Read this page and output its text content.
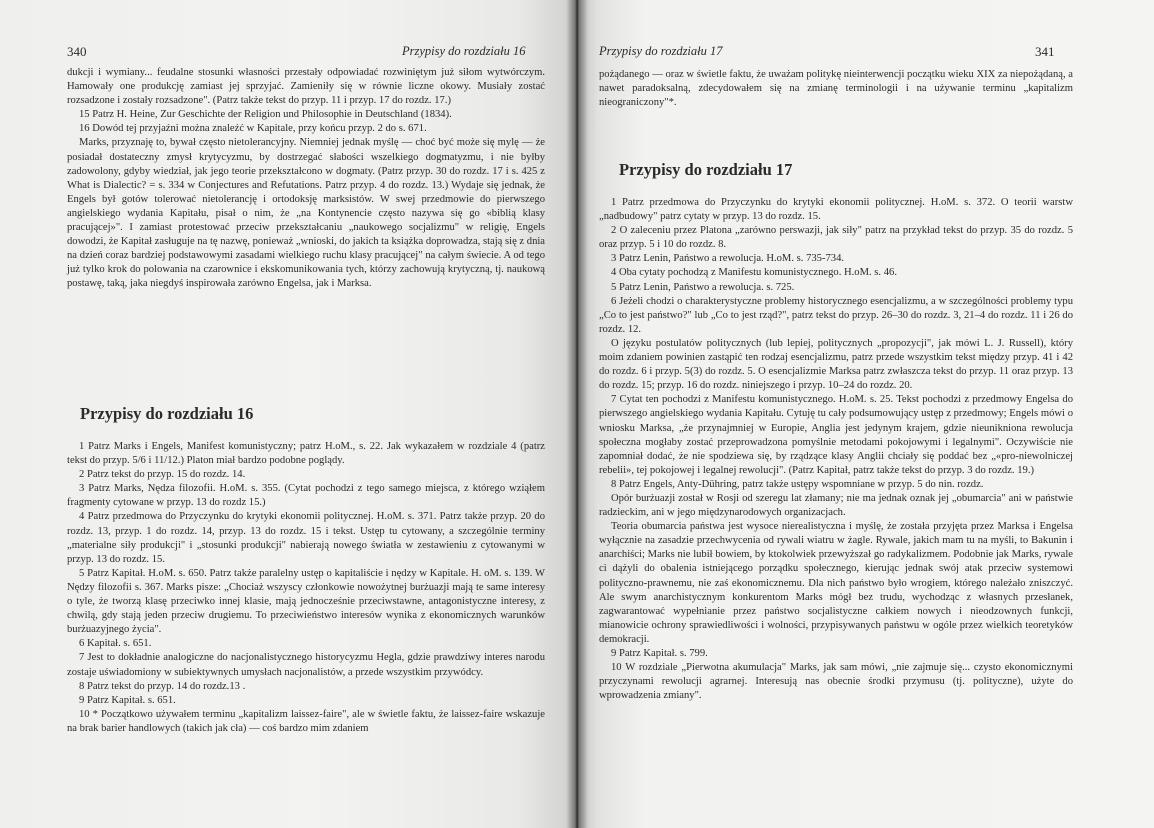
340	Przypisy do rozdziału 16

dukcji i wymiany... feudalne stosunki własności przestały odpowiadać rozwiniętym już siłom wytwórczym. Hamowały one produkcję zamiast jej sprzyjać. Zamieniły się w równie liczne okowy. Musiały zostać rozsadzone i zostały rozsadzone". (Patrz także tekst do przyp. 11 i przyp. 17 do rozdz. 17.)

15 Patrz H. Heine, Zur Geschichte der Religion und Philosophie in Deutschland (1834).

16 Dowód tej przyjaźni można znaleźć w Kapitale, przy końcu przyp. 2 do s. 671.

Marks, przyznaję to, bywał często nietolerancyjny. Niemniej jednak myślę — choć być może się mylę — że posiadał dostateczny zmysł krytycyzmu, by dostrzegać słabości wszelkiego dogmatyzmu, i nie byłby zadowolony, gdyby wiedział, jak jego teorie przekształcono w dogmaty. (Patrz przyp. 30 do rozdz. 17 i s. 425 z What is Dialectic? = s. 334 w Conjectures and Refutations. Patrz przyp. 4 do rozdz. 13.) Wydaje się jednak, że Engels był gotów tolerować nietolerancję i ortodoksję marksistów. W swej przedmowie do pierwszego angielskiego wydania Kapitału, pisał o nim, że „na Kontynencie często nazywa się go «biblią klasy pracującej»". I zamiast protestować przeciw przekształcaniu „naukowego socjalizmu" w religię, Engels dowodzi, że Kapitał zasługuje na tę nazwę, ponieważ „wnioski, do jakich ta książka doprowadza, stają się z dnia na dzień coraz bardziej podstawowymi zasadami wielkiego ruchu klasy pracującej" na całym świecie. A od tego już tylko krok do polowania na czarownice i ekskomunikowania tych, którzy zachowują krytyczną, tj. naukową postawę, taką, jaka niegdyś inspirowała zarówno Engelsa, jak i Marksa.

Przypisy do rozdziału 16

1 Patrz Marks i Engels, Manifest komunistyczny; patrz H.oM., s. 22. Jak wykazałem w rozdziale 4 (patrz tekst do przyp. 5/6 i 11/12.) Platon miał bardzo podobne poglądy.

2 Patrz tekst do przyp. 15 do rozdz. 14.

3 Patrz Marks, Nędza filozofii. H.oM. s. 355. (Cytat pochodzi z tego samego miejsca, z którego wziąłem fragmenty cytowane w przyp. 13 do rozdz 15.)

4 Patrz przedmowa do Przyczynku do krytyki ekonomii politycznej. H.oM. s. 371. Patrz także przyp. 20 do rozdz. 13, przyp. 1 do rozdz. 14, przyp. 13 do rozdz. 15 i tekst. Ustęp tu cytowany, a szczególnie terminy „materialne siły produkcji" i „stosunki produkcji" nabierają nowego światła w zestawieniu z cytowanymi w przyp. 13 do rozdz. 15.

5 Patrz Kapitał. H.oM. s. 650. Patrz także paralelny ustęp o kapitaliście i nędzy w Kapitale. H. oM. s. 139. W Nędzy filozofii s. 367. Marks pisze: „Chociaż wszyscy członkowie nowożytnej burżuazji mają te same interesy o tyle, że tworzą klasę przeciwko innej klasie, mają jednocześnie przeciwstawne, antagonistyczne interesy, z chwilą, gdy stają jeden przeciw drugiemu. To przeciwieństwo interesów wynika z ekonomicznych warunków burżuazyjnego życia".

6 Kapitał. s. 651.

7 Jest to dokładnie analogiczne do nacjonalistycznego historycyzmu Hegla, gdzie prawdziwy interes narodu zostaje uświadomiony w subiektywnych umysłach nacjonalistów, a przede wszystkim przywódcy.

8 Patrz tekst do przyp. 14 do rozdz.13 .

9 Patrz Kapitał. s. 651.

10 * Początkowo używałem terminu „kapitalizm laissez-faire", ale w świetle faktu, że laissez-faire wskazuje na brak barier handlowych (takich jak cła) — coś bardzo mim zdaniem

Przypisy do rozdziału 17	341

pożądanego — oraz w świetle faktu, że uważam politykę nieinterwencji początku wieku XIX za niepożądaną, a nawet paradoksalną, zdecydowałem się na zmianę terminologii i na używanie terminu „kapitalizm nieograniczony"*.

Przypisy do rozdziału 17

1 Patrz przedmowa do Przyczynku do krytyki ekonomii politycznej. H.oM. s. 372. O teorii warstw „nadbudowy" patrz cytaty w przyp. 13 do rozdz. 15.

2 O zaleceniu przez Platona „zarówno perswazji, jak siły" patrz na przykład tekst do przyp. 35 do rozdz. 5 oraz przyp. 5 i 10 do rozdz. 8.

3 Patrz Lenin, Państwo a rewolucja. H.oM. s. 735-734.

4 Oba cytaty pochodzą z Manifestu komunistycznego. H.oM. s. 46.

5 Patrz Lenin, Państwo a rewolucja. s. 725.

6 Jeżeli chodzi o charakterystyczne problemy historycznego esencjalizmu, a w szczególności problemy typu „Co to jest państwo?" lub „Co to jest rząd?", patrz tekst do przyp. 26–30 do rozdz. 3, 21–4 do rozdz. 11 i 26 do rozdz. 12.

O języku postulatów politycznych (lub lepiej, politycznych „propozycji", jak mówi L. J. Russell), który moim zdaniem powinien zastąpić ten rodzaj esencjalizmu, patrz przede wszystkim tekst między przyp. 41 i 42 do rozdz. 6 i przyp. 5(3) do rozdz. 5. O esencjalizmie Marksa patrz zwłaszcza tekst do przyp. 11 oraz przyp. 13 do rozdz. 15; przyp. 16 do rozdz. niniejszego i przyp. 10–24 do rozdz. 20.

7 Cytat ten pochodzi z Manifestu komunistycznego. H.oM. s. 25. Tekst pochodzi z przedmowy Engelsa do pierwszego angielskiego wydania Kapitału. Cytuję tu cały podsumowujący ustęp z przedmowy; Engels mówi o wniosku Marksa, „że przynajmniej w Europie, Anglia jest jedynym krajem, gdzie nieunikniona rewolucja społeczna mogłaby zostać przeprowadzona pomyślnie metodami pokojowymi i legalnymi". Oczywiście nie zapomniał dodać, że nie spodziewa się, by rządzące klasy Anglii chciały się poddać bez „«pro-niewolniczej rebelii», tej pokojowej i legalnej rewolucji". (Patrz Kapitał, patrz także tekst do przyp. 3 do rozdz. 19.)

8 Patrz Engels, Anty-Dühring, patrz także ustępy wspomniane w przyp. 5 do nin. rozdz.

Opór burżuazji został w Rosji od szeregu lat złamany; nie ma jednak oznak jej „obumarcia" ani w państwie radzieckim, ani w jego międzynarodowych organizacjach.

Teoria obumarcia państwa jest wysoce nierealistyczna i myślę, że została przyjęta przez Marksa i Engelsa wyłącznie na zasadzie przechwycenia od rywali wiatru w żagle. Rywale, jakich mam tu na myśli, to Bakunin i anarchiści; Marks nie lubił bowiem, by ktokolwiek przewyższał go radykalizmem. Podobnie jak Marks, rywale ci dążyli do obalenia istniejącego porządku społecznego, kierując jednak swój atak przeciw systemowi polityczno-prawnemu, nie zaś ekonomicznemu. Dla nich państwo było wrogiem, którego należało zniszczyć. Ale swym anarchistycznym konkurentom Marks mógł bez trudu, wychodząc z własnych przesłanek, zagwarantować wypełnianie przez państwo socjalistyczne całkiem nowych i nieodzownych funkcji, mianowicie ochrony sprawiedliwości i wolności, przypisywanych państwu w ogóle przez wielkich teoretyków demokracji.

9 Patrz Kapitał. s. 799.

10 W rozdziale „Pierwotna akumulacja" Marks, jak sam mówi, „nie zajmuje się... czysto ekonomicznymi przyczynami rewolucji agrarnej. Interesują nas obecnie środki przymusu (tj. polityczne), użyte do wprowadzenia zmiany".
